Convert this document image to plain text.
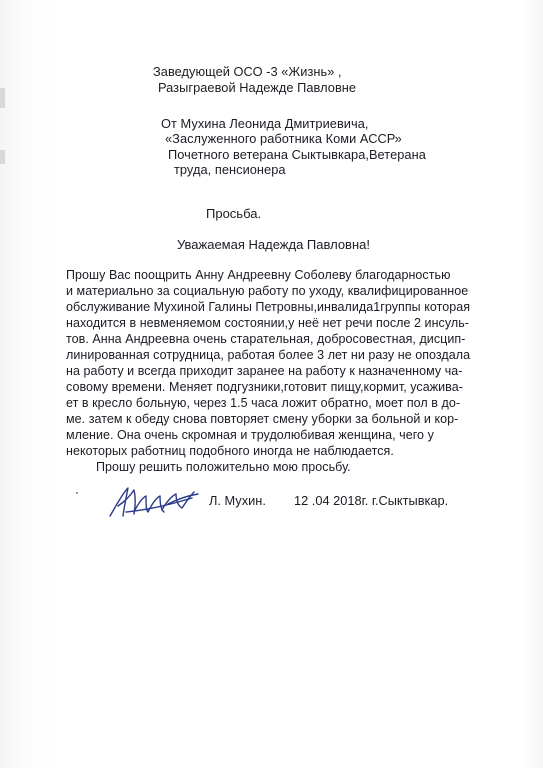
Заведующей ОСО -3 «Жизнь» ,
Разыграевой Надежде Павловне
От Мухина Леонида Дмитриевича,
«Заслуженного работника Коми АССР»
Почетного ветерана Сыктывкара,Ветерана
труда, пенсионера
Просьба.
Уважаемая Надежда Павловна!
Прошу Вас поощрить Анну Андреевну Соболеву благодарностью
и материально за социальную работу по уходу, квалифицированное
обслуживание Мухиной Галины Петровны,инвалида1группы которая
находится в невменяемом состоянии,у неё нет речи после 2 инсуль-
тов. Анна Андреевна очень старательная, добросовестная, дисцип-
линированная сотрудница, работая более 3 лет ни разу не опоздала
на работу и всегда приходит заранее на работу к назначенному ча-
совому времени. Меняет подгузники,готовит пищу,кормит, усажива-
ет в кресло больную, через 1.5 часа ложит обратно, моет пол в до-
ме. затем к обеду снова повторяет смену уборки за больной и кор-
мление. Она очень скромная и трудолюбивая женщина, чего у
некоторых работниц подобного иногда не наблюдается.
Прошу решить положительно мою просьбу.
Л. Мухин. 12 .04 2018г. г.Сыктывкар.
